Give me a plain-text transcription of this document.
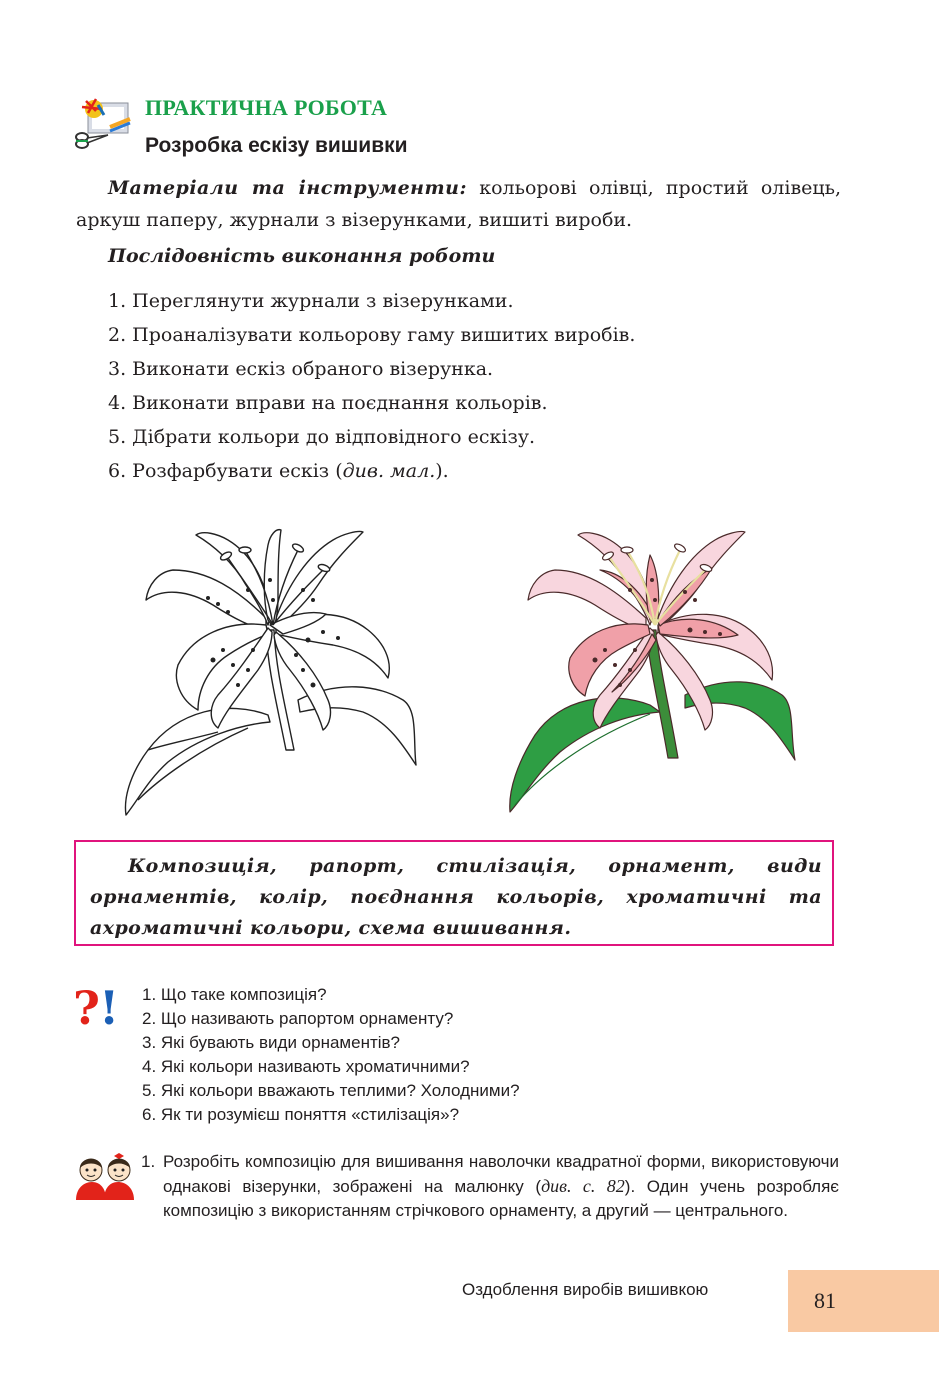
ПРАКТИЧНА РОБОТА
Розробка ескізу вишивки
Матеріали та інструменти: кольорові олівці, простий олівець, аркуш паперу, журнали з візерунками, вишиті вироби.
Послідовність виконання роботи
1. Переглянути журнали з візерунками.
2. Проаналізувати кольорову гаму вишитих виробів.
3. Виконати ескіз обраного візерунка.
4. Виконати вправи на поєднання кольорів.
5. Дібрати кольори до відповідного ескізу.
6. Розфарбувати ескіз (див. мал.).
Композиція, рапорт, стилізація, орнамент, види орнаментів, колір, поєднання кольорів, хроматичні та ахроматичні кольори, схема вишивання.
? ! 1. Що таке композиція?
2. Що називають рапортом орнаменту?
3. Які бувають види орнаментів?
4. Які кольори називають хроматичними?
5. Які кольори вважають теплими? Холодними?
6. Як ти розумієш поняття «стилізація»?
1. Розробіть композицію для вишивання наволочки квадратної форми, використовуючи однакові візерунки, зображені на малюнку (див. с. 82). Один учень розробляє композицію з використанням стрічкового орнаменту, а другий — центрального.
Оздоблення виробів вишивкою	81
